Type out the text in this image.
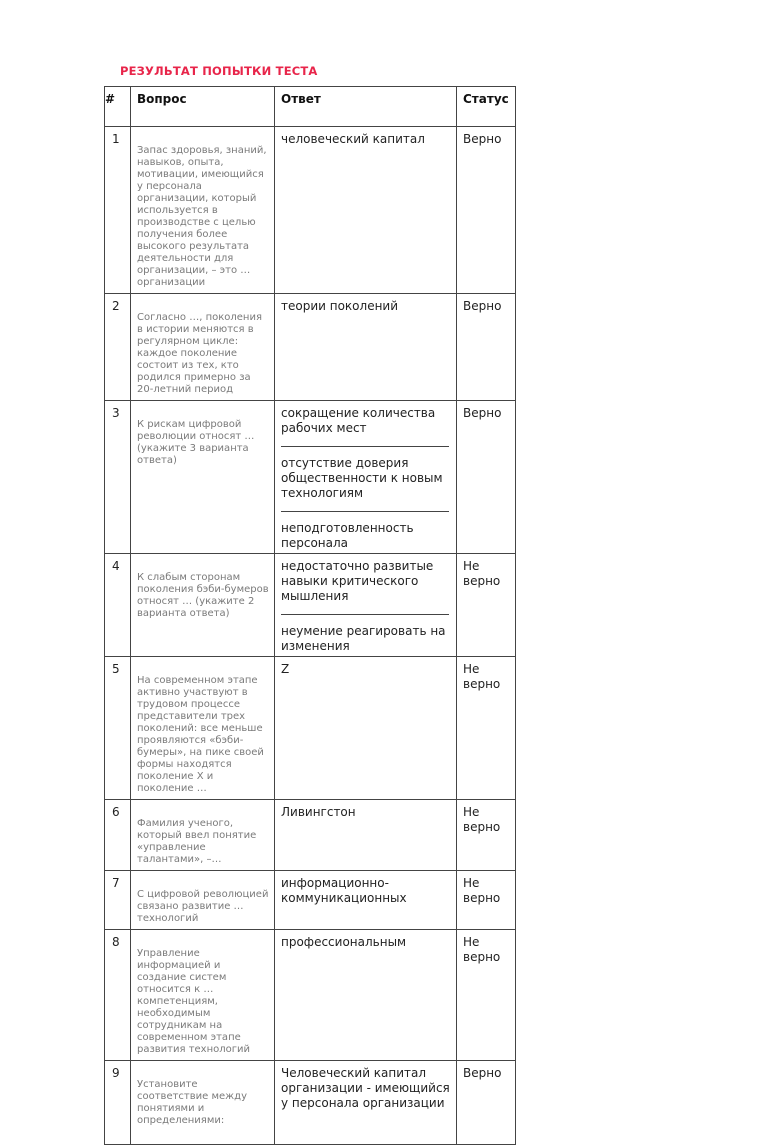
РЕЗУЛЬТАТ ПОПЫТКИ ТЕСТА
#	Вопрос	Ответ	Статус
1	Запас здоровья, знаний, навыков, опыта, мотивации, имеющийся у персонала организации, который используется в производстве с целью получения более высокого результата деятельности для организации, – это … организации	человеческий капитал	Верно
2	Согласно …, поколения в истории меняются в регулярном цикле: каждое поколение состоит из тех, кто родился примерно за 20-летний период	теории поколений	Верно
3	К рискам цифровой революции относят … (укажите 3 варианта ответа)	сокращение количества рабочих мест
отсутствие доверия общественности к новым технологиям
неподготовленность персонала	Верно
4	К слабым сторонам поколения бэби-бумеров относят … (укажите 2 варианта ответа)	недостаточно развитые навыки критического мышления
неумение реагировать на изменения	Не верно
5	На современном этапе активно участвуют в трудовом процессе представители трех поколений: все меньше проявляются «бэби-бумеры», на пике своей формы находятся поколение X и поколение …	Z	Не верно
6	Фамилия ученого, который ввел понятие «управление талантами», –…	Ливингстон	Не верно
7	С цифровой революцией связано развитие … технологий	информационно-коммуникационных	Не верно
8	Управление информацией и создание систем относится к … компетенциям, необходимым сотрудникам на современном этапе развития технологий	профессиональным	Не верно
9	Установите соответствие между понятиями и определениями:	Человеческий капитал организации - имеющийся у персонала организации	Верно
